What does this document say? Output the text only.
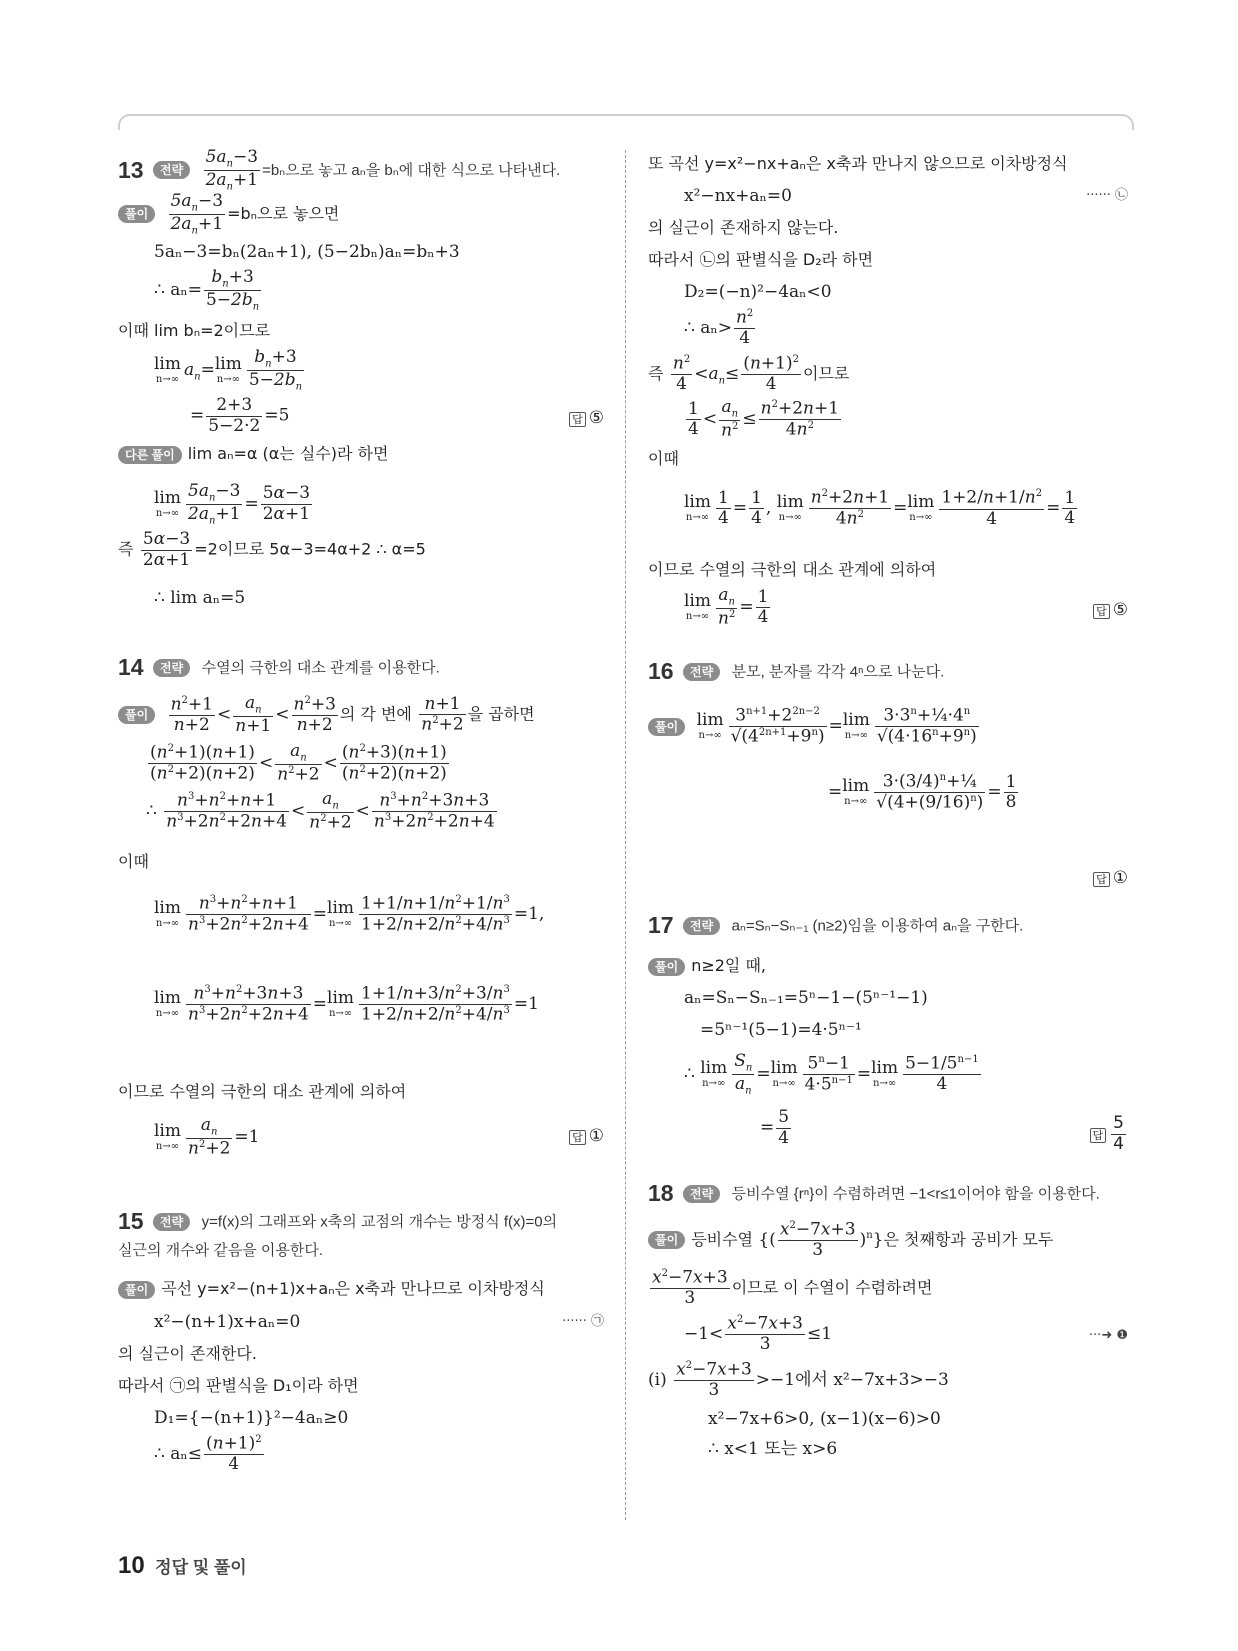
13 전략 $\frac{5a_n-3}{2a_n+1} =b_n$으로 놓고 aₙ을 bₙ에 대한 식으로 나타낸다.
풀이 $\frac{5a_n-3}{2a_n+1} =b_n$으로 놓으면
5aₙ−3=bₙ(2aₙ+1), (5−2bₙ)aₙ=bₙ+3
∴ $a_n= \frac{b_n+3}{5-2b_n}$
이때 lim bₙ=2이므로
lim
n→∞ $a_n= \lim$
$n\to\infty \frac{b_n+3}{5-2b_n}$
= $\frac{2+3}{5-2\cdot 2} =5$	답 ⑤
다른 풀이 lim aₙ=α (α는 실수)라 하면
lim
$n\to\infty \frac{5a_n-3}{2a_n+1} = \frac{5\alpha-3}{2\alpha+1}$
즉 $\frac{5\alpha-3}{2\alpha+1} =2$이므로 5α−3=4α+2 ∴ α=5
∴ lim aₙ=5
14 전략 수열의 극한의 대소 관계를 이용한다.
풀이 $\frac{n^2+1}{n+2} < \frac{a_n}{n+1} < \frac{n^2+3}{n+2}$ 의 각 변에 $\frac{n+1}{n^2+2}$ 을 곱하면
$\frac{(n^2+1)(n+1)}{(n^2+2)(n+2)} < \frac{a_n}{n^2+2} < \frac{(n^2+3)(n+1)}{(n^2+2)(n+2)}$
∴ $\frac{n^3+n^2+n+1}{n^3+2n^2+2n+4} < \frac{a_n}{n^2+2} < \frac{n^3+n^2+3n+3}{n^3+2n^2+2n+4}$
이때
lim
$n\to\infty \frac{n^3+n^2+n+1}{n^3+2n^2+2n+4} = \lim$
$n\to\infty \frac{1+1/n+1/n^2+1/n^3}{1+2/n+2/n^2+4/n^3} =1$,
lim
$n\to\infty \frac{n^3+n^2+3n+3}{n^3+2n^2+2n+4} = \lim$
$n\to\infty \frac{1+1/n+3/n^2+3/n^3}{1+2/n+2/n^2+4/n^3} =1$
이므로 수열의 극한의 대소 관계에 의하여
lim
$n\to\infty \frac{a_n}{n^2+2} =1$	답 ①
15 전략 y=f(x)의 그래프와 x축의 교점의 개수는 방정식 f(x)=0의
실근의 개수와 같음을 이용한다.
풀이 곡선 y=x²−(n+1)x+aₙ은 x축과 만나므로 이차방정식
x²−(n+1)x+aₙ=0	······ ㉠
의 실근이 존재한다.
따라서 ㉠의 판별식을 D₁이라 하면
D₁={−(n+1)}²−4aₙ≥0
∴ $a_n\le \frac{(n+1)^2}{4}$
또 곡선 y=x²−nx+aₙ은 x축과 만나지 않으므로 이차방정식
x²−nx+aₙ=0	······ ㉡
의 실근이 존재하지 않는다.
따라서 ㉡의 판별식을 D₂라 하면
D₂=(−n)²−4aₙ<0
∴ $a_n> \frac{n^2}{4}$
즉 $\frac{n^2}{4} <a_n\le \frac{(n+1)^2}{4}$ 이므로
$\frac{1}{4} < \frac{a_n}{n^2} \le \frac{n^2+2n+1}{4n^2}$
이때
lim
$n\to\infty \frac{1}{4} = \frac{1}{4}$ , lim
$n\to\infty \frac{n^2+2n+1}{4n^2} = \lim$
$n\to\infty \frac{1+2/n+1/n^2}{4} = \frac{1}{4}$
이므로 수열의 극한의 대소 관계에 의하여
lim
$n\to\infty \frac{a_n}{n^2} = \frac{1}{4}$	답 ⑤
16 전략 분모, 분자를 각각 4ⁿ으로 나눈다.
풀이 lim
$n\to\infty \frac{3^{n+1}+2^{2n-2}}{√(4^{2n+1}+9^n)} = \lim$
$n\to\infty \frac{3\cdot 3^n+\frac{1}{4}\cdot 4^n}{√(4\cdot 16^n+9^n)}$
= lim
$n\to\infty \frac{3\cdot(3/4)^n+\frac{1}{4}}{√(4+(9/16)^n)} = \frac{1}{8}$
답 ①
17 전략 aₙ=Sₙ−Sₙ₋₁ (n≥2)임을 이용하여 aₙ을 구한다.
풀이 n≥2일 때,
aₙ=Sₙ−Sₙ₋₁=5ⁿ−1−(5ⁿ⁻¹−1)
=5ⁿ⁻¹(5−1)=4·5ⁿ⁻¹
∴ lim
$n\to\infty \frac{S_n}{a_n} = \lim$
$n\to\infty \frac{5^n-1}{4\cdot 5^{n-1}} = \lim$
$n\to\infty \frac{5-1/5^{n-1}}{4}$
= $\frac{5}{4}$	답 $\frac{5}{4}$
18 전략 등비수열 {rⁿ}이 수렴하려면 −1<r≤1이어야 함을 이용한다.
풀이 등비수열 {( $\frac{x^2-7x+3}{3} )^n$}은 첫째항과 공비가 모두
$\frac{x^2-7x+3}{3}$ 이므로 이 수열이 수렴하려면
$-1< \frac{x^2-7x+3}{3} \le 1$	···➜ ❶
(ⅰ) $\frac{x^2-7x+3}{3} >-1$에서 x²−7x+3>−3
x²−7x+6>0, (x−1)(x−6)>0
∴ x<1 또는 x>6
10 정답 및 풀이
